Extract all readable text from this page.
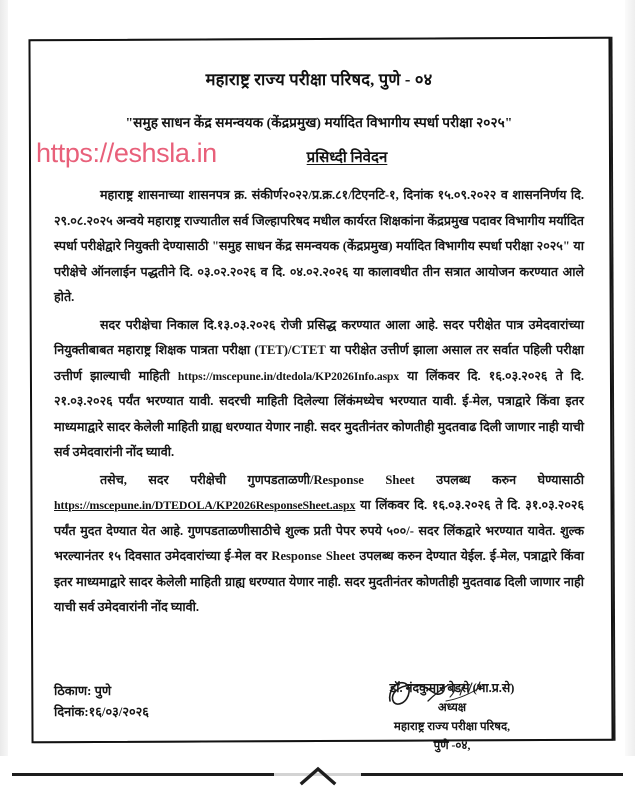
महाराष्ट्र राज्य परीक्षा परिषद, पुणे - ०४
"समुह साधन केंद्र समन्वयक (केंद्रप्रमुख) मर्यादित विभागीय स्पर्धा परीक्षा २०२५"
प्रसिध्दी निवेदन

महाराष्ट्र शासनाच्या शासनपत्र क्र. संकीर्ण२०२२/प्र.क्र.८१/टिएनटि-१, दिनांक १५.०९.२०२२ व शासननिर्णय दि. २९.०८.२०२५ अन्वये महाराष्ट्र राज्यातील सर्व जिल्हापरिषद मधील कार्यरत शिक्षकांना केंद्रप्रमुख पदावर विभागीय मर्यादित स्पर्धा परीक्षेद्वारे नियुक्ती देण्यासाठी "समुह साधन केंद्र समन्वयक (केंद्रप्रमुख) मर्यादित विभागीय स्पर्धा परीक्षा २०२५" या परीक्षेचे ऑनलाईन पद्धतीने दि. ०३.०२.२०२६ व दि. ०४.०२.२०२६ या कालावधीत तीन सत्रात आयोजन करण्यात आले होते.

सदर परीक्षेचा निकाल दि.१३.०३.२०२६ रोजी प्रसिद्ध करण्यात आला आहे. सदर परीक्षेत पात्र उमेदवारांच्या नियुक्तीबाबत महाराष्ट्र शिक्षक पात्रता परीक्षा (TET)/CTET या परीक्षेत उत्तीर्ण झाला असाल तर सर्वात पहिली परीक्षा उत्तीर्ण झाल्याची माहिती https://mscepune.in/dtedola/KP2026Info.aspx या लिंकवर दि. १६.०३.२०२६ ते दि. २१.०३.२०२६ पर्यंत भरण्यात यावी. सदरची माहिती दिलेल्या लिंकंमध्येच भरण्यात यावी. ई-मेल, पत्राद्वारे किंवा इतर माध्यमाद्वारे सादर केलेली माहिती ग्राह्य धरण्यात येणार नाही. सदर मुदतीनंतर कोणतीही मुदतवाढ दिली जाणार नाही याची सर्व उमेदवारांनी नोंद घ्यावी.

तसेच, सदर परीक्षेची गुणपडताळणी/Response Sheet उपलब्ध करुन घेण्यासाठी https://mscepune.in/DTEDOLA/KP2026ResponseSheet.aspx या लिंकवर दि. १६.०३.२०२६ ते दि. ३१.०३.२०२६ पर्यंत मुदत देण्यात येत आहे. गुणपडताळणीसाठीचे शुल्क प्रती पेपर रुपये ५००/- सदर लिंकद्वारे भरण्यात यावेत. शुल्क भरल्यानंतर १५ दिवसात उमेदवारांच्या ई-मेल वर Response Sheet उपलब्ध करुन देण्यात येईल. ई-मेल, पत्राद्वारे किंवा इतर माध्यमाद्वारे सादर केलेली माहिती ग्राह्य धरण्यात येणार नाही. सदर मुदतीनंतर कोणतीही मुदतवाढ दिली जाणार नाही याची सर्व उमेदवारांनी नोंद घ्यावी.

ठिकाण: पुणे
दिनांक:१६/०३/२०२६
डॉ. नंदकुमार बेडसे (भा.प्र.से)
अध्यक्ष
महाराष्ट्र राज्य परीक्षा परिषद,
पुणे -०४,
https://eshsla.in
